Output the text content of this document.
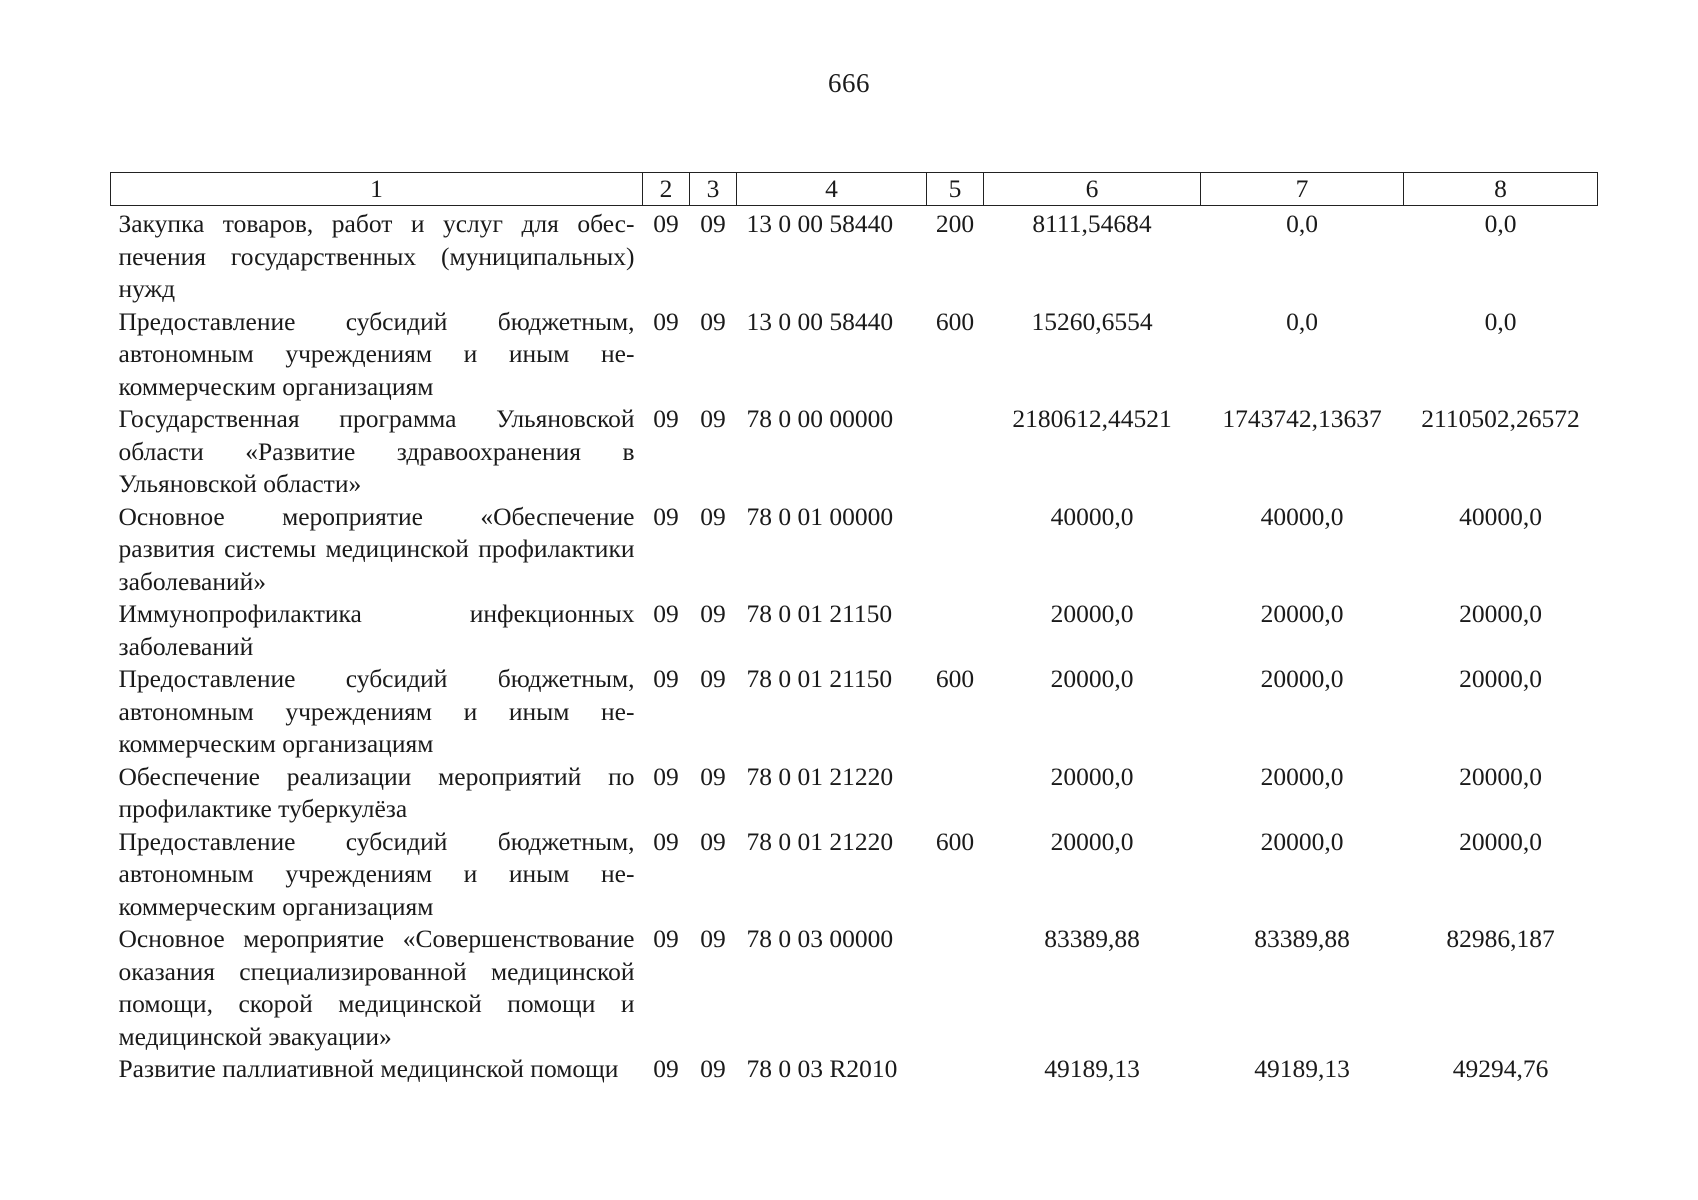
666
1	2	3	4	5	6	7	8
Закупка товаров, работ и услуг для обеспечения государственных (муниципальных) нужд	09	09	13 0 00 58440	200	8111,54684	0,0	0,0
Предоставление субсидий бюджетным, автономным учреждениям и иным некоммерческим организациям	09	09	13 0 00 58440	600	15260,6554	0,0	0,0
Государственная программа Ульяновской области «Развитие здравоохранения в Ульяновской области»	09	09	78 0 00 00000		2180612,44521	1743742,13637	2110502,26572
Основное мероприятие «Обеспечение развития системы медицинской профилактики заболеваний»	09	09	78 0 01 00000		40000,0	40000,0	40000,0
Иммунопрофилактика инфекционных заболеваний	09	09	78 0 01 21150		20000,0	20000,0	20000,0
Предоставление субсидий бюджетным, автономным учреждениям и иным некоммерческим организациям	09	09	78 0 01 21150	600	20000,0	20000,0	20000,0
Обеспечение реализации мероприятий по профилактике туберкулёза	09	09	78 0 01 21220		20000,0	20000,0	20000,0
Предоставление субсидий бюджетным, автономным учреждениям и иным некоммерческим организациям	09	09	78 0 01 21220	600	20000,0	20000,0	20000,0
Основное мероприятие «Совершенствование оказания специализированной медицинской помощи, скорой медицинской помощи и медицинской эвакуации»	09	09	78 0 03 00000		83389,88	83389,88	82986,187
Развитие паллиативной медицинской помощи	09	09	78 0 03 R2010		49189,13	49189,13	49294,76
